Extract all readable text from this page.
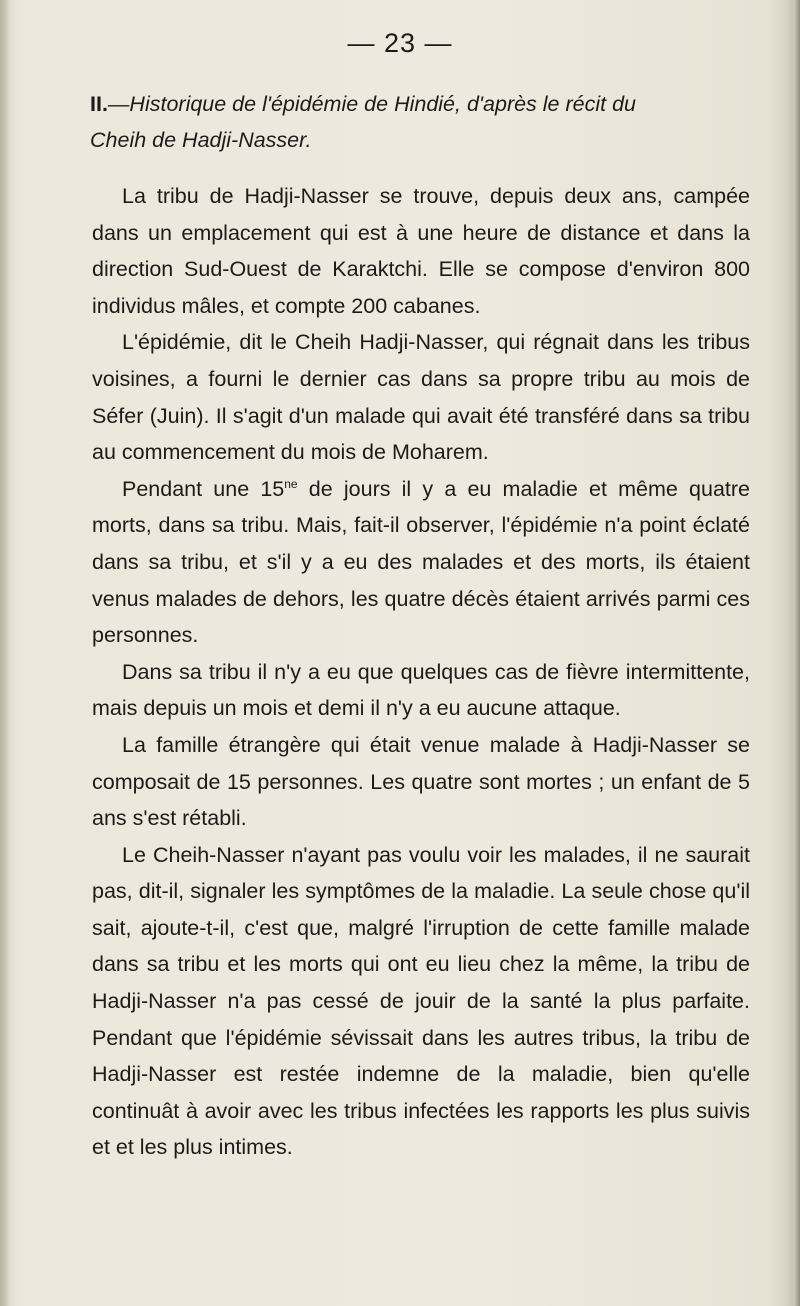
— 23 —
II.—Historique de l'épidémie de Hindié, d'après le récit du
Cheih de Hadji-Nasser.

La tribu de Hadji-Nasser se trouve, depuis deux ans, campée dans un emplacement qui est à une heure de distance et dans la direction Sud-Ouest de Karaktchi. Elle se compose d'environ 800 individus mâles, et compte 200 cabanes.

L'épidémie, dit le Cheih Hadji-Nasser, qui régnait dans les tribus voisines, a fourni le dernier cas dans sa propre tribu au mois de Séfer (Juin). Il s'agit d'un malade qui avait été transféré dans sa tribu au commencement du mois de Moharem.

Pendant une $15^{ne}$ de jours il y a eu maladie et même quatre morts, dans sa tribu. Mais, fait-il observer, l'épidémie n'a point éclaté dans sa tribu, et s'il y a eu des malades et des morts, ils étaient venus malades de dehors, les quatre décès étaient arrivés parmi ces personnes.

Dans sa tribu il n'y a eu que quelques cas de fièvre intermittente, mais depuis un mois et demi il n'y a eu aucune attaque.

La famille étrangère qui était venue malade à Hadji-Nasser se composait de 15 personnes. Les quatre sont mortes ; un enfant de 5 ans s'est rétabli.

Le Cheih-Nasser n'ayant pas voulu voir les malades, il ne saurait pas, dit-il, signaler les symptômes de la maladie. La seule chose qu'il sait, ajoute-t-il, c'est que, malgré l'irruption de cette famille malade dans sa tribu et les morts qui ont eu lieu chez la même, la tribu de Hadji-Nasser n'a pas cessé de jouir de la santé la plus parfaite. Pendant que l'épidémie sévissait dans les autres tribus, la tribu de Hadji-Nasser est restée indemne de la maladie, bien qu'elle continuât à avoir avec les tribus infectées les rapports les plus suivis et et les plus intimes.
